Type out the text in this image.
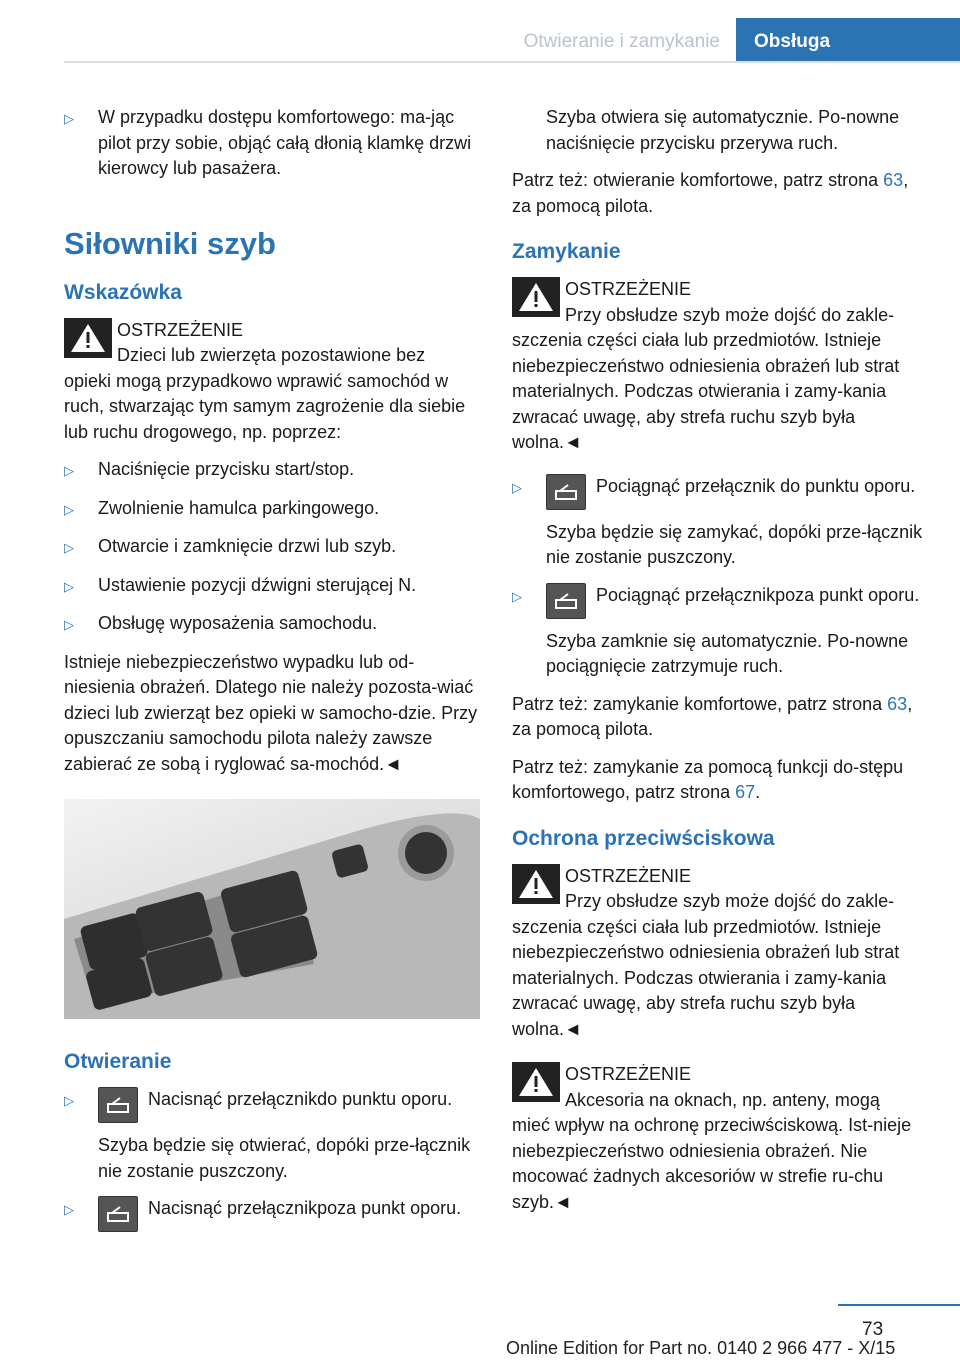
Otwieranie i zamykanie	Obsługa
▷	W przypadku dostępu komfortowego: ma‐jąc pilot przy sobie, objąć całą dłonią klamkę drzwi kierowcy lub pasażera.
Siłowniki szyb
Wskazówka
OSTRZEŻENIE
Dzieci lub zwierzęta pozostawione bez
opieki mogą przypadkowo wprawić samochód w ruch, stwarzając tym samym zagrożenie dla siebie lub ruchu drogowego, np. poprzez:
▷	Naciśnięcie przycisku start/stop.
▷	Zwolnienie hamulca parkingowego.
▷	Otwarcie i zamknięcie drzwi lub szyb.
▷	Ustawienie pozycji dźwigni sterującej N.
▷	Obsługę wyposażenia samochodu.

Istnieje niebezpieczeństwo wypadku lub od‐niesienia obrażeń. Dlatego nie należy pozosta‐wiać dzieci lub zwierząt bez opieki w samocho‐dzie. Przy opuszczaniu samochodu pilota należy zawsze zabierać ze sobą i ryglować sa‐mochód.◄

Otwieranie
▷	Nacisnąć przełącznikdo punktu oporu.
Szyba będzie się otwierać, dopóki prze‐łącznik nie zostanie puszczony.
▷	Nacisnąć przełącznikpoza punkt oporu.
Szyba otwiera się automatycznie. Po‐nowne naciśnięcie przycisku przerywa ruch.

Patrz też: otwieranie komfortowe, patrz strona 63, za pomocą pilota.

Zamykanie
OSTRZEŻENIE
Przy obsłudze szyb może dojść do zakle‐
szczenia części ciała lub przedmiotów. Istnieje niebezpieczeństwo odniesienia obrażeń lub strat materialnych. Podczas otwierania i zamy‐kania zwracać uwagę, aby strefa ruchu szyb była wolna.◄
▷	Pociągnąć przełącznik do punktu oporu.
Szyba będzie się zamykać, dopóki prze‐łącznik nie zostanie puszczony.
▷	Pociągnąć przełącznikpoza punkt oporu.
Szyba zamknie się automatycznie. Po‐nowne pociągnięcie zatrzymuje ruch.

Patrz też: zamykanie komfortowe, patrz strona 63, za pomocą pilota.

Patrz też: zamykanie za pomocą funkcji do‐stępu komfortowego, patrz strona 67.

Ochrona przeciwściskowa
OSTRZEŻENIE
Przy obsłudze szyb może dojść do zakle‐
szczenia części ciała lub przedmiotów. Istnieje niebezpieczeństwo odniesienia obrażeń lub strat materialnych. Podczas otwierania i zamy‐kania zwracać uwagę, aby strefa ruchu szyb była wolna.◄
OSTRZEŻENIE
Akcesoria na oknach, np. anteny, mogą
mieć wpływ na ochronę przeciwściskową. Ist‐nieje niebezpieczeństwo odniesienia obrażeń. Nie mocować żadnych akcesoriów w strefie ru‐chu szyb.◄
73
Online Edition for Part no. 0140 2 966 477 - X/15
